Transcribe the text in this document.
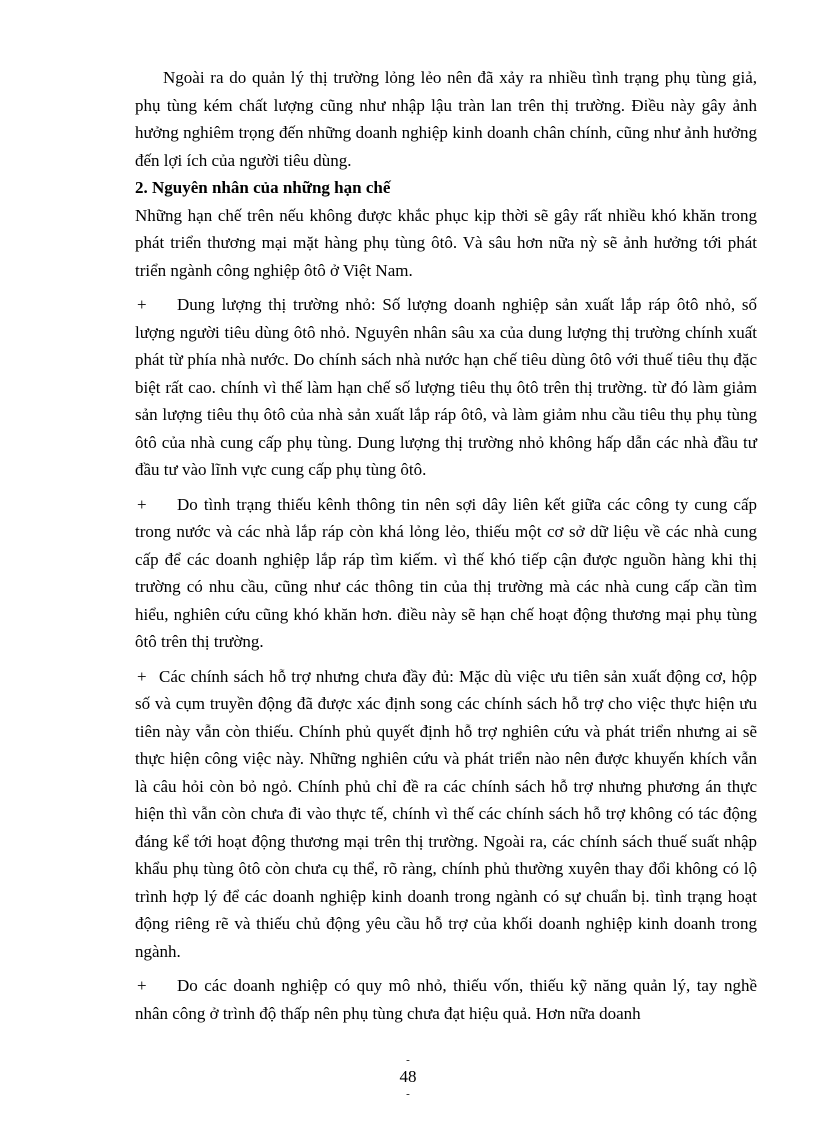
Ngoài ra do quản lý thị trường lỏng lẻo nên đã xảy ra nhiều tình trạng phụ tùng giả, phụ tùng kém chất lượng cũng như nhập lậu tràn lan trên thị trường. Điều này gây ảnh hưởng nghiêm trọng đến những doanh nghiệp kinh doanh chân chính, cũng như ảnh hưởng đến lợi ích của người tiêu dùng.

2. Nguyên nhân của những hạn chế

Những hạn chế trên nếu không được khắc phục kịp thời sẽ gây rất nhiều khó khăn trong phát triển thương mại mặt hàng phụ tùng ôtô. Và sâu hơn nữa nỳ sẽ ảnh hưởng tới phát triển ngành công nghiệp ôtô ở Việt Nam.

+ Dung lượng thị trường nhỏ: Số lượng doanh nghiệp sản xuất lắp ráp ôtô nhỏ, số lượng người tiêu dùng ôtô nhỏ. Nguyên nhân sâu xa của dung lượng thị trường chính xuất phát từ phía nhà nước. Do chính sách nhà nước hạn chế tiêu dùng ôtô với thuế tiêu thụ đặc biệt rất cao. chính vì thế làm hạn chế số lượng tiêu thụ ôtô trên thị trường. từ đó làm giảm sản lượng tiêu thụ ôtô của nhà sản xuất lắp ráp ôtô, và làm giảm nhu cầu tiêu thụ phụ tùng ôtô của nhà cung cấp phụ tùng. Dung lượng thị trường nhỏ không hấp dẫn các nhà đầu tư đầu tư vào lĩnh vực cung cấp phụ tùng ôtô.

+ Do tình trạng thiếu kênh thông tin nên sợi dây liên kết giữa các công ty cung cấp trong nước và các nhà lắp ráp còn khá lỏng lẻo, thiếu một cơ sở dữ liệu về các nhà cung cấp để các doanh nghiệp lắp ráp tìm kiếm. vì thế khó tiếp cận được nguồn hàng khi thị trường có nhu cầu, cũng như các thông tin của thị trường mà các nhà cung cấp cần tìm hiểu, nghiên cứu cũng khó khăn hơn. điều này sẽ hạn chế hoạt động thương mại phụ tùng ôtô trên thị trường.

+ Các chính sách hỗ trợ nhưng chưa đầy đủ: Mặc dù việc ưu tiên sản xuất động cơ, hộp số và cụm truyền động đã được xác định song các chính sách hỗ trợ cho việc thực hiện ưu tiên này vẫn còn thiếu. Chính phủ quyết định hỗ trợ nghiên cứu và phát triển nhưng ai sẽ thực hiện công việc này. Những nghiên cứu và phát triển nào nên được khuyến khích vẫn là câu hỏi còn bỏ ngỏ. Chính phủ chỉ đề ra các chính sách hỗ trợ nhưng phương án thực hiện thì vẫn còn chưa đi vào thực tế, chính vì thế các chính sách hỗ trợ không có tác động đáng kể tới hoạt động thương mại trên thị trường. Ngoài ra, các chính sách thuế suất nhập khẩu phụ tùng ôtô còn chưa cụ thể, rõ ràng, chính phủ thường xuyên thay đổi không có lộ trình hợp lý để các doanh nghiệp kinh doanh trong ngành có sự chuẩn bị. tình trạng hoạt động riêng rẽ và thiếu chủ động yêu cầu hỗ trợ của khối doanh nghiệp kinh doanh trong ngành.

+ Do các doanh nghiệp có quy mô nhỏ, thiếu vốn, thiếu kỹ năng quản lý, tay nghề nhân công ở trình độ thấp nên phụ tùng chưa đạt hiệu quả. Hơn nữa doanh

-
48
-
